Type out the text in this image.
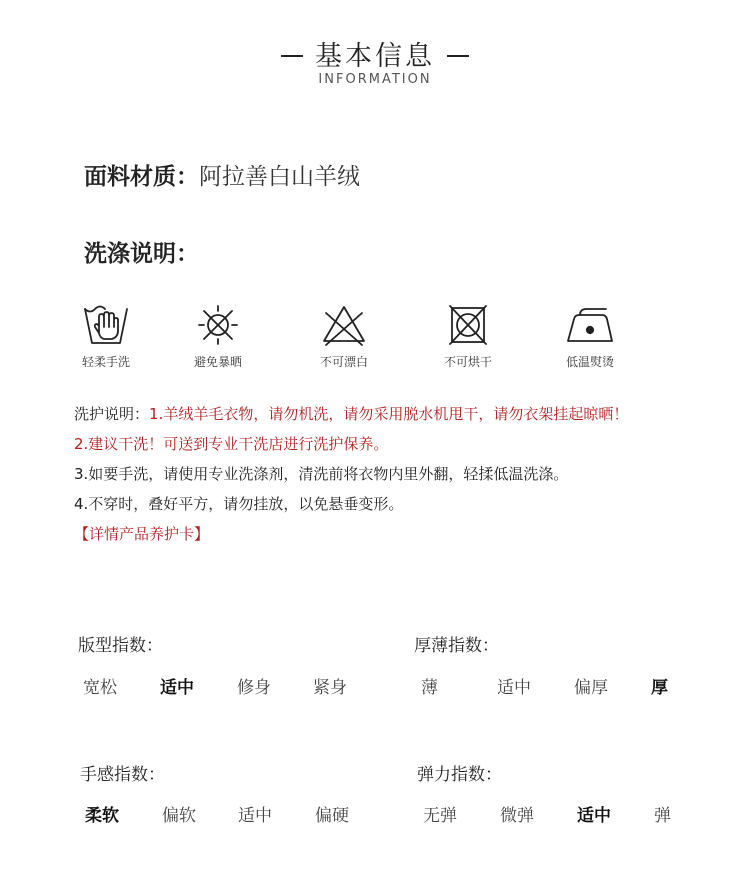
基本信息
INFORMATION
面料材质：阿拉善白山羊绒
洗涤说明：
轻柔手洗	避免暴晒	不可漂白	不可烘干	低温熨烫
洗护说明：1.羊绒羊毛衣物，请勿机洗，请勿采用脱水机甩干，请勿衣架挂起晾晒！
2.建议干洗！可送到专业干洗店进行洗护保养。
3.如要手洗，请使用专业洗涤剂，清洗前将衣物内里外翻，轻揉低温洗涤。
4.不穿时，叠好平方，请勿挂放，以免悬垂变形。
【详情产品养护卡】
版型指数：
宽松	适中	修身 紧身
厚薄指数：
薄	适中	偏厚	厚
手感指数：
柔软	偏软 适中	偏硬
弹力指数：
无弹	微弹	适中	弹
